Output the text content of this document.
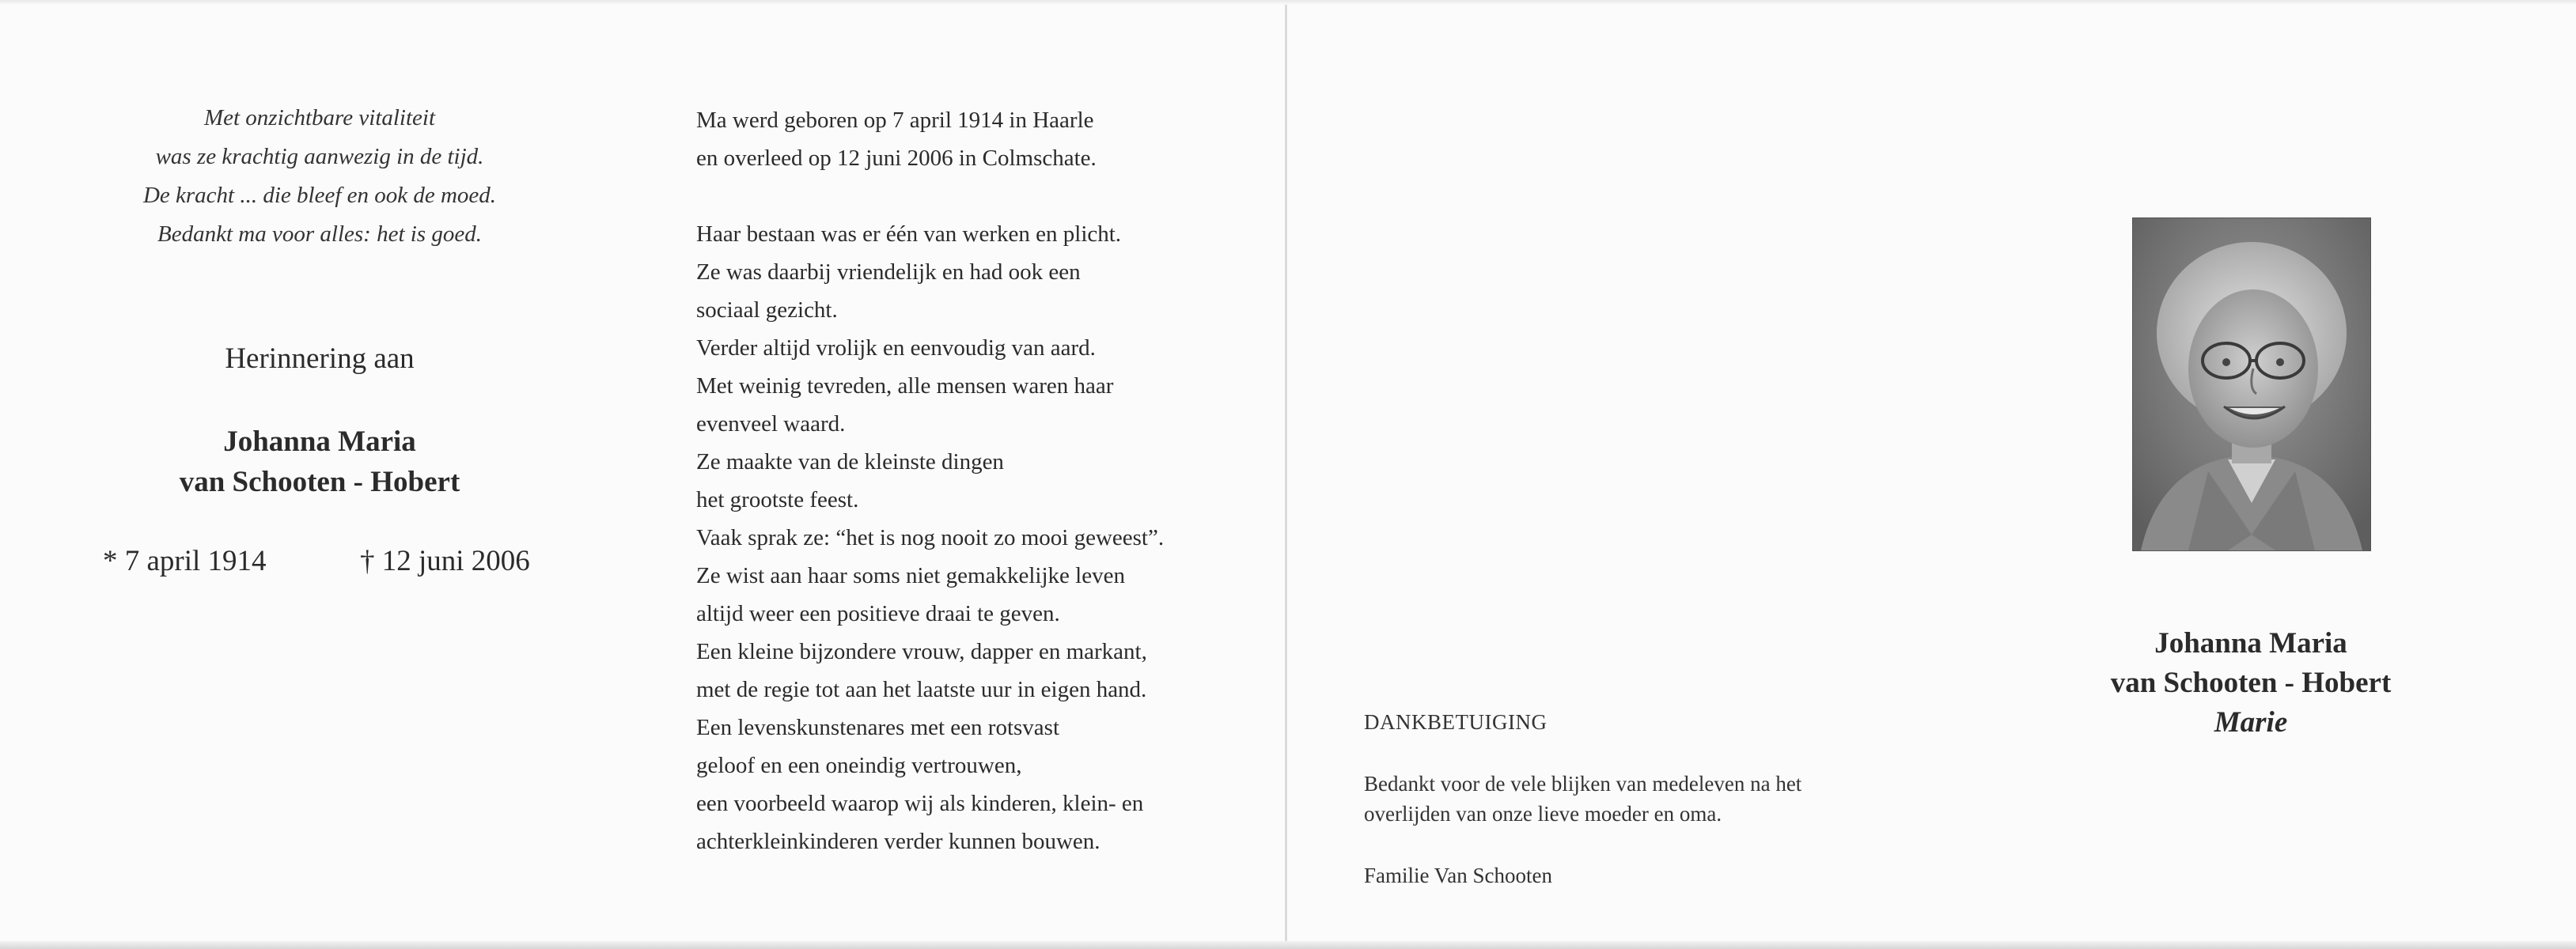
Met onzichtbare vitaliteit
was ze krachtig aanwezig in de tijd.
De kracht ... die bleef en ook de moed.
Bedankt ma voor alles: het is goed.
Herinnering aan
Johanna Maria
van Schooten - Hobert
* 7 april 1914	† 12 juni 2006
Ma werd geboren op 7 april 1914 in Haarle
en overleed op 12 juni 2006 in Colmschate.
Haar bestaan was er één van werken en plicht.
Ze was daarbij vriendelijk en had ook een
sociaal gezicht.
Verder altijd vrolijk en eenvoudig van aard.
Met weinig tevreden, alle mensen waren haar
evenveel waard.
Ze maakte van de kleinste dingen
het grootste feest.
Vaak sprak ze: “het is nog nooit zo mooi geweest”.
Ze wist aan haar soms niet gemakkelijke leven
altijd weer een positieve draai te geven.
Een kleine bijzondere vrouw, dapper en markant,
met de regie tot aan het laatste uur in eigen hand.
Een levenskunstenares met een rotsvast
geloof en een oneindig vertrouwen,
een voorbeeld waarop wij als kinderen, klein- en
achterkleinkinderen verder kunnen bouwen.
DANKBETUIGING
Bedankt voor de vele blijken van medeleven na het
overlijden van onze lieve moeder en oma.
Familie Van Schooten
Johanna Maria
van Schooten - Hobert
Marie
